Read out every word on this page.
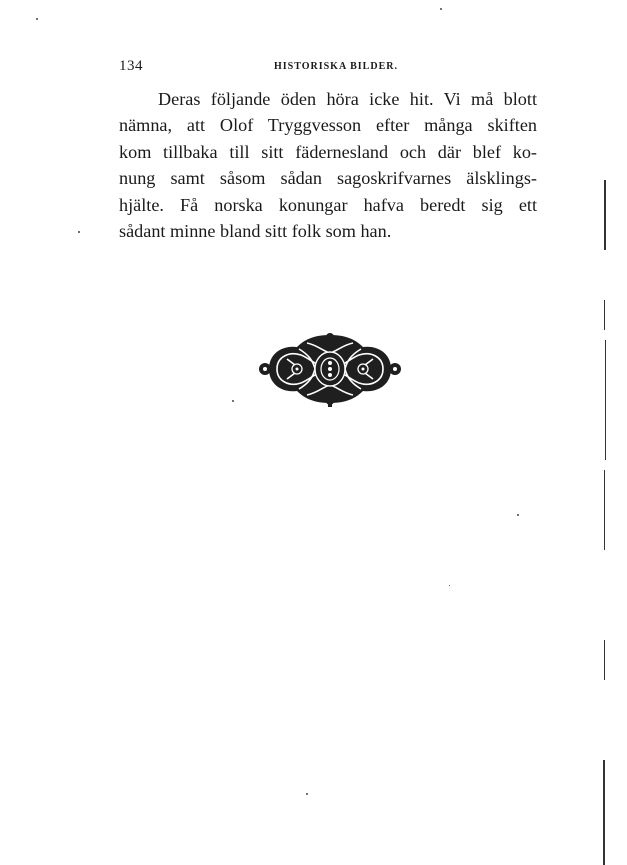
134	HISTORISKA BILDER.
Deras följande öden höra icke hit. Vi må blott
nämna, att Olof Tryggvesson efter många skiften
kom tillbaka till sitt fädernesland och där blef ko-
nung samt såsom sådan sagoskrifvarnes älsklings-
hjälte. Få norska konungar hafva beredt sig ett
sådant minne bland sitt folk som han.
